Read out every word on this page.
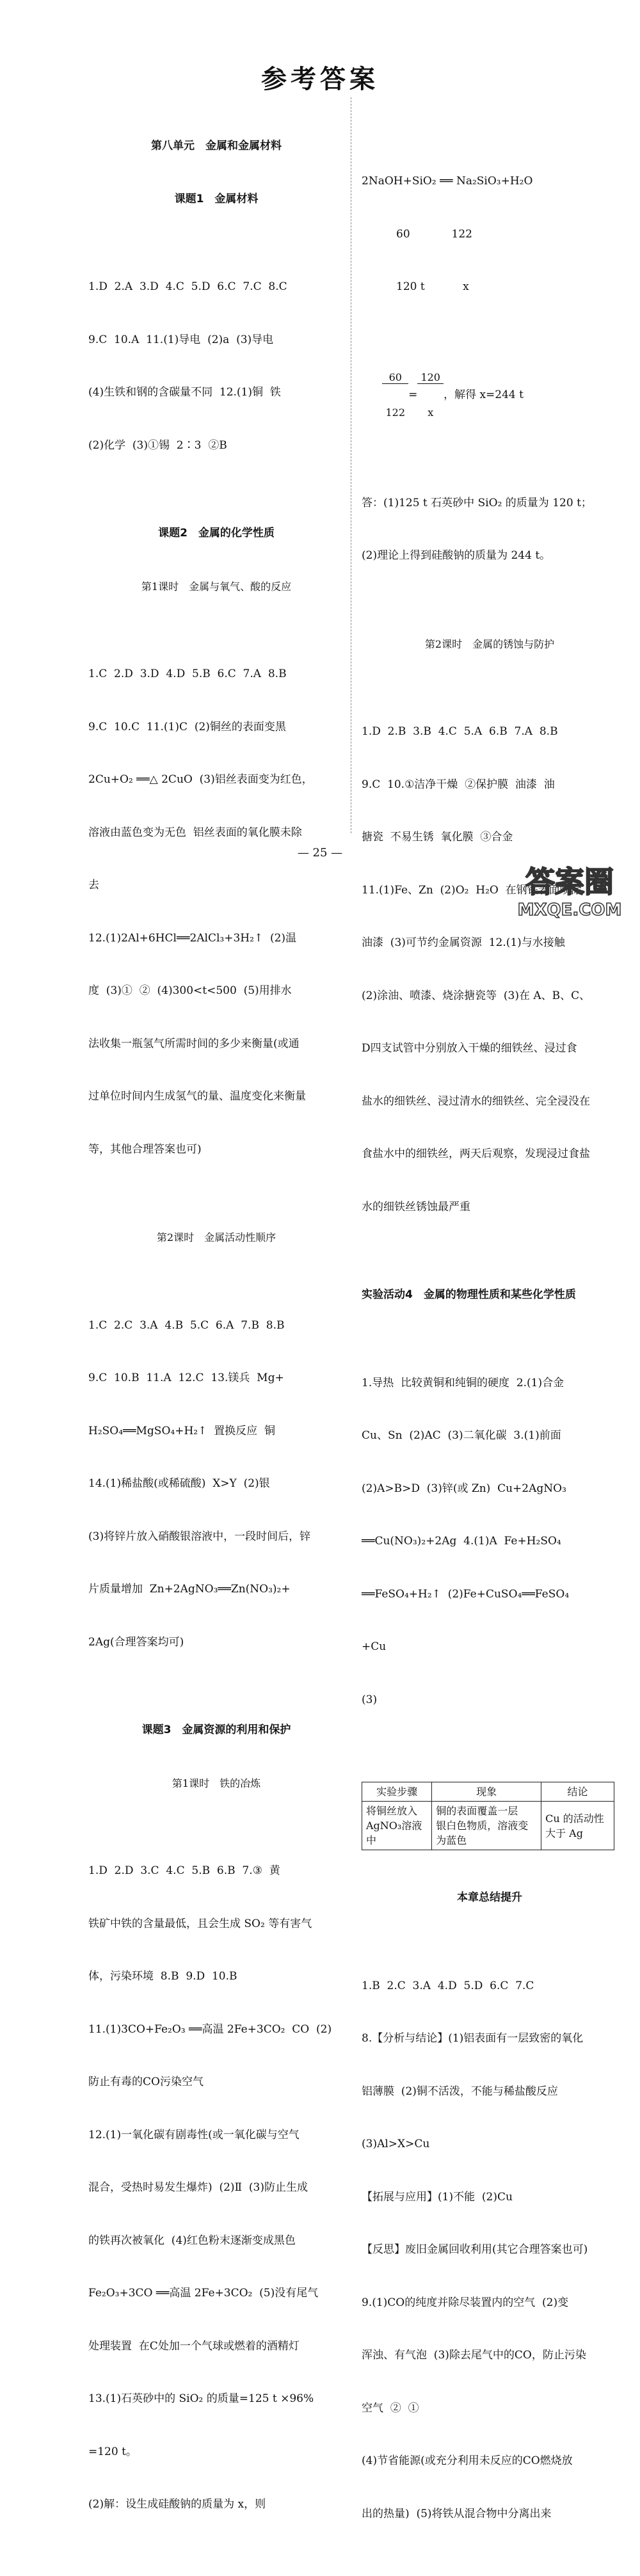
参考答案

第八单元　金属和金属材料

课题1　金属材料

1.D  2.A  3.D  4.C  5.D  6.C  7.C  8.C

9.C  10.A  11.(1)导电  (2)a  (3)导电

(4)生铁和钢的含碳量不同  12.(1)铜  铁

(2)化学  (3)①锡  2∶3  ②B

课题2　金属的化学性质

第1课时　金属与氧气、酸的反应

1.C  2.D  3.D  4.D  5.B  6.C  7.A  8.B

9.C  10.C  11.(1)C  (2)铜丝的表面变黑

2Cu+O₂ ══△ 2CuO  (3)铝丝表面变为红色，

溶液由蓝色变为无色  铝丝表面的氧化膜未除

去

12.(1)2Al+6HCl══2AlCl₃+3H₂↑  (2)温

度  (3)①  ②  (4)300<t<500  (5)用排水

法收集一瓶氢气所需时间的多少来衡量(或通

过单位时间内生成氢气的量、温度变化来衡量

等，其他合理答案也可)

第2课时　金属活动性顺序

1.C  2.C  3.A  4.B  5.C  6.A  7.B  8.B

9.C  10.B  11.A  12.C  13.镁兵  Mg+

H₂SO₄══MgSO₄+H₂↑  置换反应  铜

14.(1)稀盐酸(或稀硫酸)  X>Y  (2)银

(3)将锌片放入硝酸银溶液中，一段时间后，锌

片质量增加  Zn+2AgNO₃══Zn(NO₃)₂+

2Ag(合理答案均可)

课题3　金属资源的利用和保护

第1课时　铁的冶炼

1.D  2.D  3.C  4.C  5.B  6.B  7.③  黄

铁矿中铁的含量最低，且会生成 SO₂ 等有害气

体，污染环境  8.B  9.D  10.B

11.(1)3CO+Fe₂O₃ ══高温 2Fe+3CO₂  CO  (2)

防止有毒的CO污染空气

12.(1)一氧化碳有剧毒性(或一氧化碳与空气

混合，受热时易发生爆炸)  (2)Ⅱ  (3)防止生成

的铁再次被氧化  (4)红色粉末逐渐变成黑色

Fe₂O₃+3CO ══高温 2Fe+3CO₂  (5)没有尾气

处理装置  在C处加一个气球或燃着的酒精灯

13.(1)石英砂中的 SiO₂ 的质量=125 t ×96%

=120 t。

(2)解：设生成硅酸钠的质量为 x，则

2NaOH+SiO₂ ══ Na₂SiO₃+H₂O

60            122

120 t           x

$\frac{60}{122}$ =
$\frac{120}{x}$ ，解得 x=244 t

答：(1)125 t 石英砂中 SiO₂ 的质量为 120 t；

(2)理论上得到硅酸钠的质量为 244 t。

第2课时　金属的锈蚀与防护

1.D  2.B  3.B  4.C  5.A  6.B  7.A  8.B

9.C  10.①洁净干燥  ②保护膜  油漆  油

搪瓷  不易生锈  氧化膜  ③合金

11.(1)Fe、Zn  (2)O₂  H₂O  在钢铁表面喷涂

油漆  (3)可节约金属资源  12.(1)与水接触

(2)涂油、喷漆、烧涂搪瓷等  (3)在 A、B、C、

D四支试管中分别放入干燥的细铁丝、浸过食

盐水的细铁丝、浸过清水的细铁丝、完全浸没在

食盐水中的细铁丝，两天后观察，发现浸过食盐

水的细铁丝锈蚀最严重

实验活动4　金属的物理性质和某些化学性质

1.导热  比较黄铜和纯铜的硬度  2.(1)合金

Cu、Sn  (2)AC  (3)二氧化碳  3.(1)前面

(2)A>B>D  (3)锌(或 Zn)  Cu+2AgNO₃

══Cu(NO₃)₂+2Ag  4.(1)A  Fe+H₂SO₄

══FeSO₄+H₂↑  (2)Fe+CuSO₄══FeSO₄

+Cu

(3)

实验步骤	现象	结论
将铜丝放入
AgNO₃溶液
中	铜的表面覆盖一层
银白色物质，溶液变
为蓝色	Cu 的活动性
大于 Ag

本章总结提升

1.B  2.C  3.A  4.D  5.D  6.C  7.C

8.【分析与结论】(1)铝表面有一层致密的氧化

铝薄膜  (2)铜不活泼，不能与稀盐酸反应

(3)Al>X>Cu

【拓展与应用】(1)不能  (2)Cu

【反思】废旧金属回收利用(其它合理答案也可)

9.(1)CO的纯度并除尽装置内的空气  (2)变

浑浊、有气泡  (3)除去尾气中的CO，防止污染

空气  ②  ①

(4)节省能源(或充分利用未反应的CO燃烧放

出的热量)  (5)将铁从混合物中分离出来

— 25 —
答案圈
MXQE.COM
